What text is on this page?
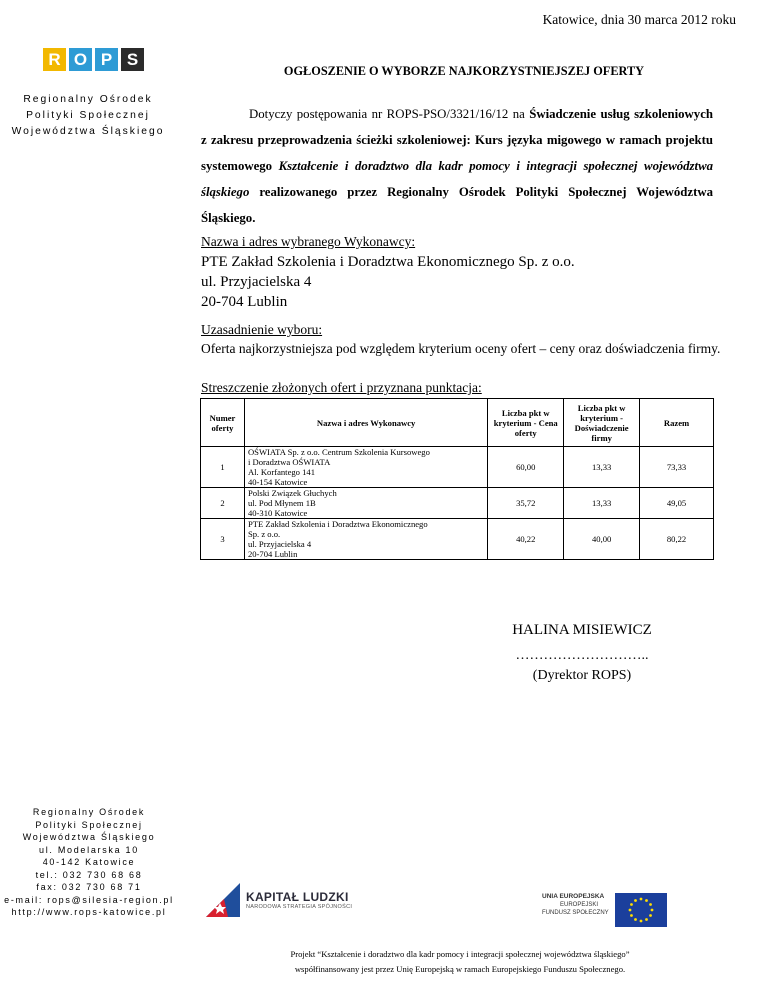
Katowice, dnia 30 marca 2012 roku
R O P S
Regionalny Ośrodek
Polityki Społecznej
Województwa Śląskiego
OGŁOSZENIE O WYBORZE NAJKORZYSTNIEJSZEJ OFERTY
Dotyczy postępowania nr ROPS-PSO/3321/16/12 na Świadczenie usług szkoleniowych z zakresu przeprowadzenia ścieżki szkoleniowej: Kurs języka migowego w ramach projektu systemowego Kształcenie i doradztwo dla kadr pomocy i integracji społecznej województwa śląskiego realizowanego przez Regionalny Ośrodek Polityki Społecznej Województwa Śląskiego.
Nazwa i adres wybranego Wykonawcy:
PTE Zakład Szkolenia i Doradztwa Ekonomicznego Sp. z o.o.
ul. Przyjacielska 4
20-704 Lublin
Uzasadnienie wyboru:
Oferta najkorzystniejsza pod względem kryterium oceny ofert – ceny oraz doświadczenia firmy.
Streszczenie złożonych ofert i przyznana punktacja:
Numer oferty	Nazwa i adres Wykonawcy	Liczba pkt w kryterium - Cena oferty	Liczba pkt w kryterium - Doświadczenie firmy	Razem
1	OŚWIATA Sp. z o.o. Centrum Szkolenia Kursowego
i Doradztwa OŚWIATA
Al. Korfantego 141
40-154 Katowice	60,00	13,33	73,33
2	Polski Związek Głuchych
ul. Pod Młynem 1B
40-310 Katowice	35,72	13,33	49,05
3	PTE Zakład Szkolenia i Doradztwa Ekonomicznego
Sp. z o.o.
ul. Przyjacielska 4
20-704 Lublin	40,22	40,00	80,22
HALINA MISIEWICZ
………………………..
(Dyrektor ROPS)
Regionalny Ośrodek
Polityki Społecznej
Województwa Śląskiego
ul. Modelarska 10
40-142 Katowice
tel.: 032 730 68 68
fax: 032 730 68 71
e-mail: rops@silesia-region.pl
http://www.rops-katowice.pl
KAPITAŁ LUDZKI
NARODOWA STRATEGIA SPÓJNOŚCI
UNIA EUROPEJSKA
EUROPEJSKI
FUNDUSZ SPOŁECZNY
Projekt “Kształcenie i doradztwo dla kadr pomocy i integracji społecznej województwa śląskiego”
współfinansowany jest przez Unię Europejską w ramach Europejskiego Funduszu Społecznego.
